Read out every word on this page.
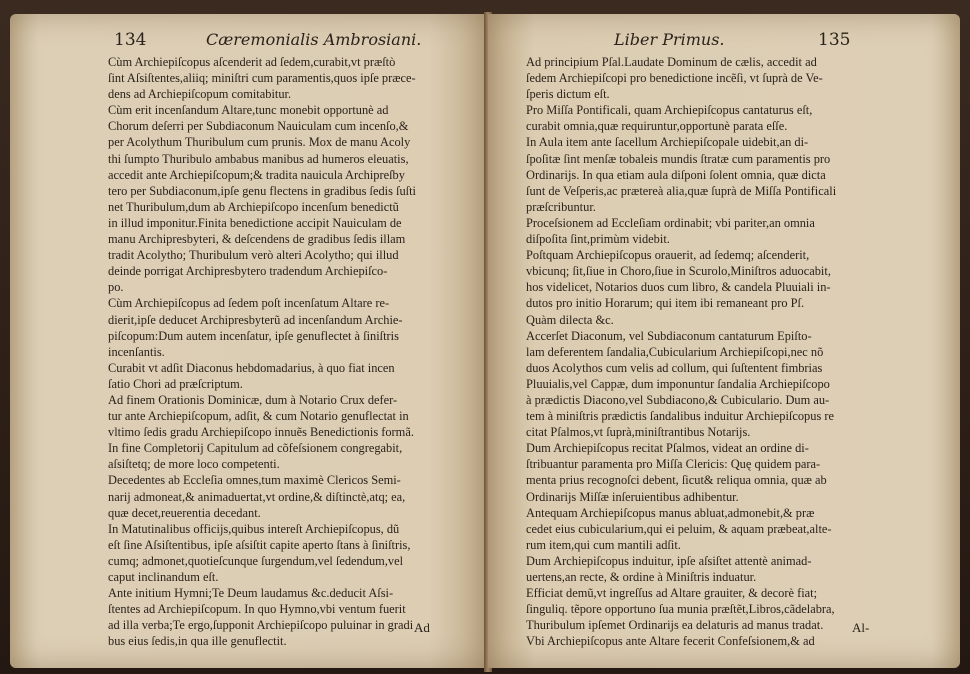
134	Cæremonialis Ambrosiani.
Cùm Archiepiſcopus aſcenderit ad ſedem,curabit,vt præſtò
ſint Aſsiſtentes,aliiq; miniſtri cum paramentis,quos ipſe præce-
dens ad Archiepiſcopum comitabitur.
Cùm erit incenſandum Altare,tunc monebit opportunè ad
Chorum deſerri per Subdiaconum Nauiculam cum incenſo,&
per Acolythum Thuribulum cum prunis. Mox de manu Acoly
thi ſumpto Thuribulo ambabus manibus ad humeros eleuatis,
accedit ante Archiepiſcopum;& tradita nauicula Archipreſby
tero per Subdiaconum,ipſe genu flectens in gradibus ſedis ſuſti
net Thuribulum,dum ab Archiepiſcopo incenſum benedictũ
in illud imponitur.Finita benedictione accipit Nauiculam de
manu Archipresbyteri, & deſcendens de gradibus ſedis illam
tradit Acolytho; Thuribulum verò alteri Acolytho; qui illud
deinde porrigat Archipresbytero tradendum Archiepiſco-
po.
Cùm Archiepiſcopus ad ſedem poſt incenſatum Altare re-
dierit,ipſe deducet Archipresbyterũ ad incenſandum Archie-
piſcopum:Dum autem incenſatur, ipſe genuflectet à ſiniſtris
incenſantis.
Curabit vt adſit Diaconus hebdomadarius, à quo fiat incen
ſatio Chori ad præſcriptum.
Ad finem Orationis Dominicæ, dum à Notario Crux defer-
tur ante Archiepiſcopum, adſit, & cum Notario genuflectat in
vltimo ſedis gradu Archiepiſcopo innuẽs Benedictionis formã.
In fine Completorij Capitulum ad cõfeſsionem congregabit,
aſsiſtetq; de more loco competenti.
Decedentes ab Eccleſia omnes,tum maximè Clericos Semi-
narij admoneat,& animaduertat,vt ordine,& diſtinctè,atq; ea,
quæ decet,reuerentia decedant.
In Matutinalibus officijs,quibus intereſt Archiepiſcopus, dũ
eſt ſine Aſsiſtentibus, ipſe aſsiſtit capite aperto ſtans à ſiniſtris,
cumq; admonet,quotieſcunque ſurgendum,vel ſedendum,vel
caput inclinandum eſt.
Ante initium Hymni;Te Deum laudamus &c.deducit Aſsi-
ſtentes ad Archiepiſcopum. In quo Hymno,vbi ventum fuerit
ad illa verba;Te ergo,ſupponit Archiepiſcopo puluinar in gradi
bus eius ſedis,in qua ille genuflectit.
Ad
Liber Primus.	135
Ad principium Pſal.Laudate Dominum de cælis, accedit ad
ſedem Archiepiſcopi pro benedictione incẽſi, vt ſuprà de Ve-
ſperis dictum eſt.
Pro Miſſa Pontificali, quam Archiepiſcopus cantaturus eſt,
curabit omnia,quæ requiruntur,opportunè parata eſſe.
In Aula item ante ſacellum Archiepiſcopale uidebit,an di-
ſpoſitæ ſint menſæ tobaleis mundis ſtratæ cum paramentis pro
Ordinarijs. In qua etiam aula diſponi ſolent omnia, quæ dicta
ſunt de Veſperis,ac prætereà alia,quæ ſuprà de Miſſa Pontificali
præſcribuntur.
Proceſsionem ad Eccleſiam ordinabit; vbi pariter,an omnia
diſpoſita ſint,primùm videbit.
Poſtquam Archiepiſcopus orauerit, ad ſedemq; aſcenderit,
vbicunq; ſit,ſiue in Choro,ſiue in Scurolo,Miniſtros aduocabit,
hos videlicet, Notarios duos cum libro, & candela Pluuiali in-
dutos pro initio Horarum; qui item ibi remaneant pro Pſ.
Quàm dilecta &c.
Accerſet Diaconum, vel Subdiaconum cantaturum Epiſto-
lam deferentem ſandalia,Cubicularium Archiepiſcopi,nec nõ
duos Acolythos cum velis ad collum, qui ſuſtentent fimbrias
Pluuialis,vel Cappæ, dum imponuntur ſandalia Archiepiſcopo
à prædictis Diacono,vel Subdiacono,& Cubiculario. Dum au-
tem à miniſtris prædictis ſandalibus induitur Archiepiſcopus re
citat Pſalmos,vt ſuprà,miniſtrantibus Notarijs.
Dum Archiepiſcopus recitat Pſalmos, videat an ordine di-
ſtribuantur paramenta pro Miſſa Clericis: Quę quidem para-
menta prius recognoſci debent, ſicut& reliqua omnia, quæ ab
Ordinarijs Miſſæ inſeruientibus adhibentur.
Antequam Archiepiſcopus manus abluat,admonebit,& præ
cedet eius cubicularium,qui ei peluim, & aquam præbeat,alte-
rum item,qui cum mantili adſit.
Dum Archiepiſcopus induitur, ipſe aſsiſtet attentè animad-
uertens,an recte, & ordine à Miniſtris induatur.
Efficiat demũ,vt ingreſſus ad Altare grauiter, & decorè fiat;
ſinguliq. tẽpore opportuno ſua munia præſtẽt,Libros,cãdelabra,
Thuribulum ipſemet Ordinarijs ea delaturis ad manus tradat.
Vbi Archiepiſcopus ante Altare fecerit Confeſsionem,& ad
Al-
